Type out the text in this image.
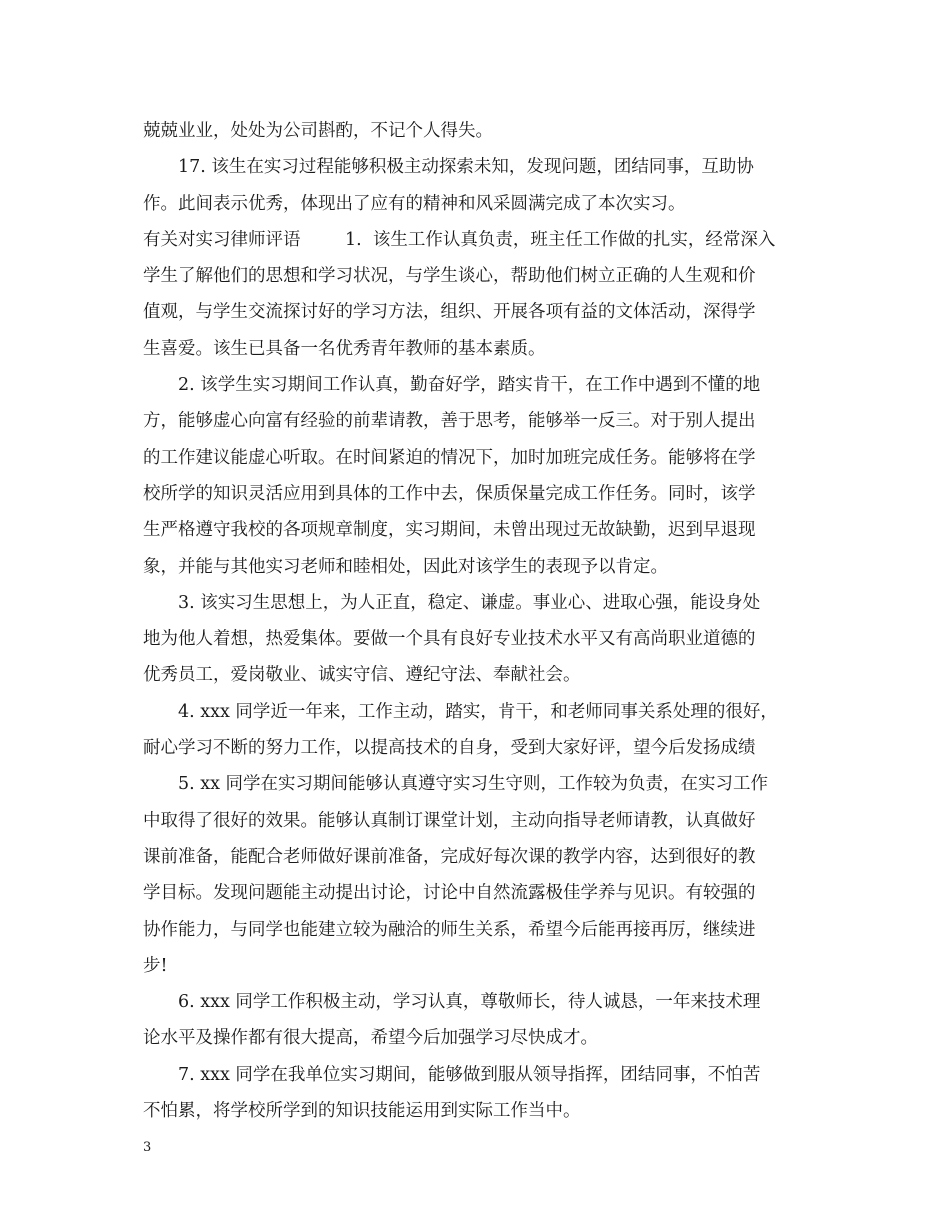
兢兢业业，处处为公司斟酌，不记个人得失。
17. 该生在实习过程能够积极主动探索未知，发现问题，团结同事，互助协
作。此间表示优秀，体现出了应有的精神和风采圆满完成了本次实习。
有关对实习律师评语        1.  该生工作认真负责，班主任工作做的扎实，经常深入
学生了解他们的思想和学习状况，与学生谈心，帮助他们树立正确的人生观和价
值观，与学生交流探讨好的学习方法，组织、开展各项有益的文体活动，深得学
生喜爱。该生已具备一名优秀青年教师的基本素质。
2. 该学生实习期间工作认真，勤奋好学，踏实肯干，在工作中遇到不懂的地
方，能够虚心向富有经验的前辈请教，善于思考，能够举一反三。对于别人提出
的工作建议能虚心听取。在时间紧迫的情况下，加时加班完成任务。能够将在学
校所学的知识灵活应用到具体的工作中去，保质保量完成工作任务。同时，该学
生严格遵守我校的各项规章制度，实习期间，未曾出现过无故缺勤，迟到早退现
象，并能与其他实习老师和睦相处，因此对该学生的表现予以肯定。
3. 该实习生思想上，为人正直，稳定、谦虚。事业心、进取心强，能设身处
地为他人着想，热爱集体。要做一个具有良好专业技术水平又有高尚职业道德的
优秀员工，爱岗敬业、诚实守信、遵纪守法、奉献社会。
4. xxx 同学近一年来，工作主动，踏实，肯干，和老师同事关系处理的很好，
耐心学习不断的努力工作，以提高技术的自身，受到大家好评，望今后发扬成绩
5. xx 同学在实习期间能够认真遵守实习生守则，工作较为负责，在实习工作
中取得了很好的效果。能够认真制订课堂计划，主动向指导老师请教，认真做好
课前准备，能配合老师做好课前准备，完成好每次课的教学内容，达到很好的教
学目标。发现问题能主动提出讨论，讨论中自然流露极佳学养与见识。有较强的
协作能力，与同学也能建立较为融洽的师生关系，希望今后能再接再厉，继续进
步!
6. xxx 同学工作积极主动，学习认真，尊敬师长，待人诚恳，一年来技术理
论水平及操作都有很大提高，希望今后加强学习尽快成才。
7. xxx 同学在我单位实习期间，能够做到服从领导指挥，团结同事，不怕苦
不怕累，将学校所学到的知识技能运用到实际工作当中。
3
